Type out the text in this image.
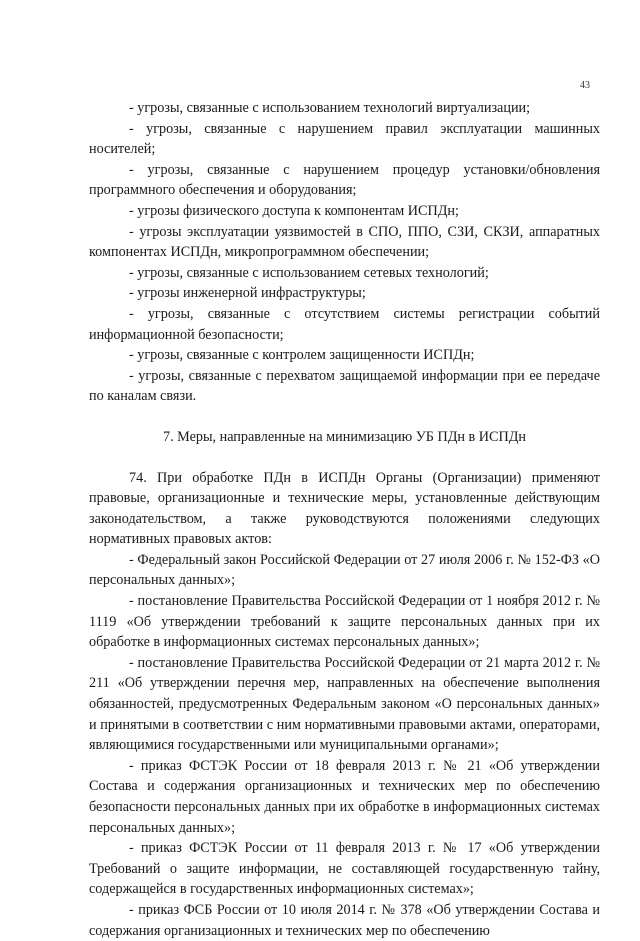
43

- угрозы, связанные с использованием технологий виртуализации;

- угрозы, связанные с нарушением правил эксплуатации машинных носителей;

- угрозы, связанные с нарушением процедур установки/обновления программного обеспечения и оборудования;

- угрозы физического доступа к компонентам ИСПДн;

- угрозы эксплуатации уязвимостей в СПО, ППО, СЗИ, СКЗИ, аппаратных компонентах ИСПДн, микропрограммном обеспечении;

- угрозы, связанные с использованием сетевых технологий;

- угрозы инженерной инфраструктуры;

- угрозы, связанные с отсутствием системы регистрации событий информационной безопасности;

- угрозы, связанные с контролем защищенности ИСПДн;

- угрозы, связанные с перехватом защищаемой информации при ее передаче по каналам связи.

7. Меры, направленные на минимизацию УБ ПДн в ИСПДн

74. При обработке ПДн в ИСПДн Органы (Организации) применяют правовые, организационные и технические меры, установленные действующим законодательством, а также руководствуются положениями следующих нормативных правовых актов:

- Федеральный закон Российской Федерации от 27 июля 2006 г. № 152-ФЗ «О персональных данных»;

- постановление Правительства Российской Федерации от 1 ноября 2012 г. № 1119 «Об утверждении требований к защите персональных данных при их обработке в информационных системах персональных данных»;

- постановление Правительства Российской Федерации от 21 марта 2012 г. № 211 «Об утверждении перечня мер, направленных на обеспечение выполнения обязанностей, предусмотренных Федеральным законом «О персональных данных» и принятыми в соответствии с ним нормативными правовыми актами, операторами, являющимися государственными или муниципальными органами»;

- приказ ФСТЭК России от 18 февраля 2013 г. № 21 «Об утверждении Состава и содержания организационных и технических мер по обеспечению безопасности персональных данных при их обработке в информационных системах персональных данных»;

- приказ ФСТЭК России от 11 февраля 2013 г. № 17 «Об утверждении Требований о защите информации, не составляющей государственную тайну, содержащейся в государственных информационных системах»;

- приказ ФСБ России от 10 июля 2014 г. № 378 «Об утверждении Состава и содержания организационных и технических мер по обеспечению
